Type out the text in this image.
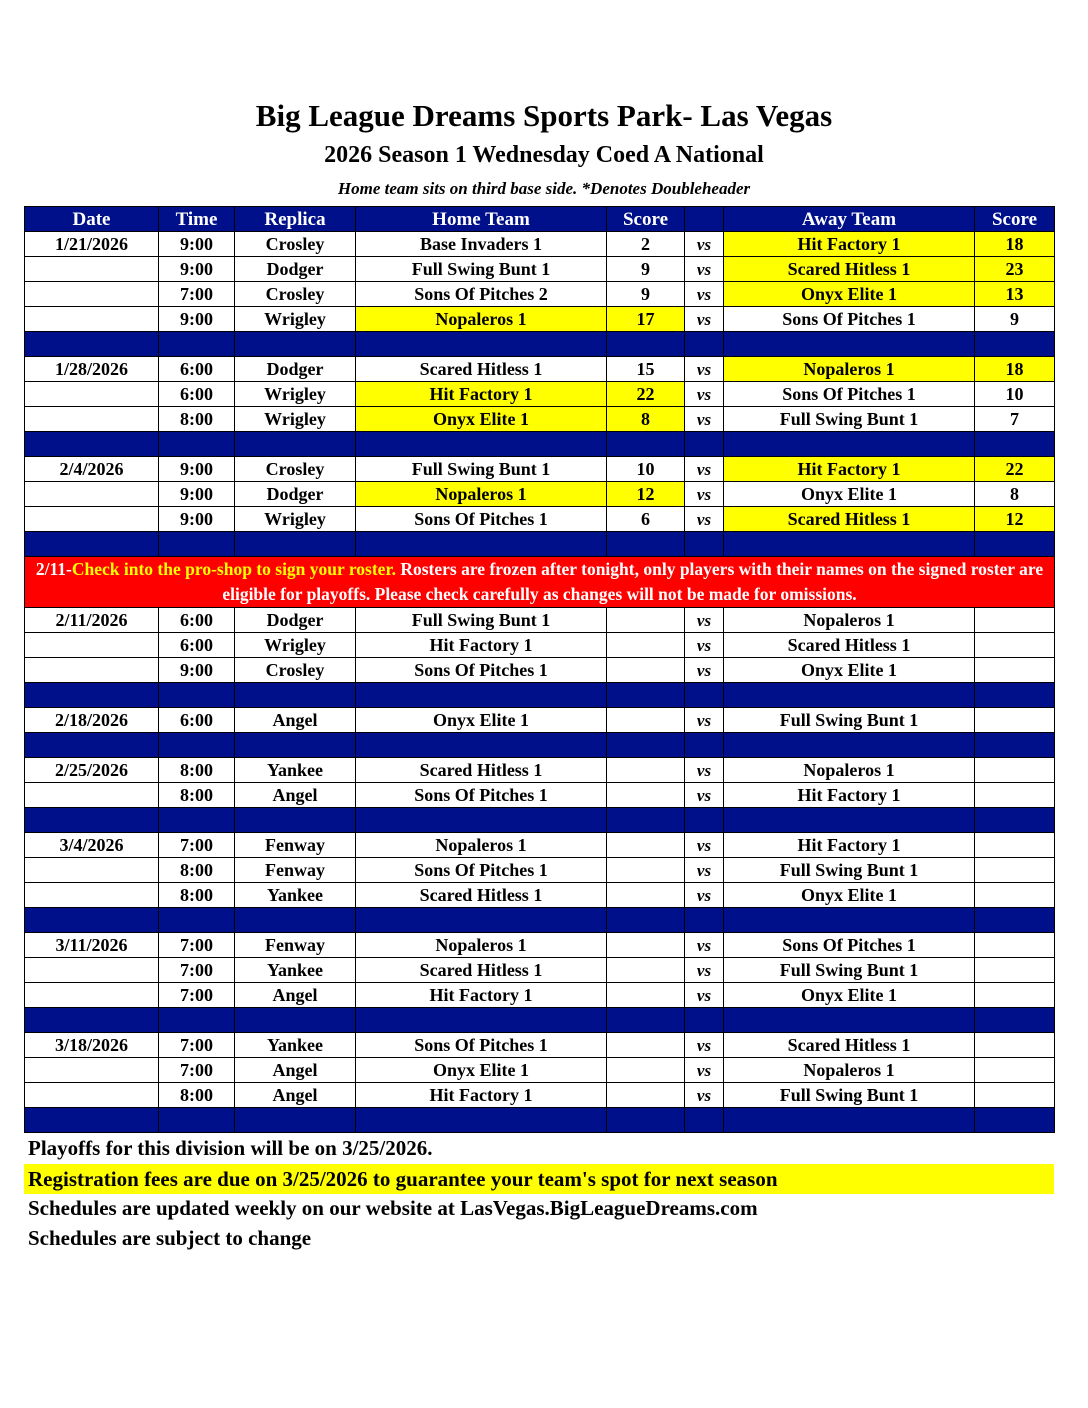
Big League Dreams Sports Park- Las Vegas
2026 Season 1 Wednesday Coed A National
Home team sits on third base side. *Denotes Doubleheader
Date	Time	Replica	Home Team	Score		Away Team	Score
1/21/2026	9:00	Crosley	Base Invaders 1	2	vs	Hit Factory 1	18
	9:00	Dodger	Full Swing Bunt 1	9	vs	Scared Hitless 1	23
	7:00	Crosley	Sons Of Pitches 2	9	vs	Onyx Elite 1	13
	9:00	Wrigley	Nopaleros 1	17	vs	Sons Of Pitches 1	9

1/28/2026	6:00	Dodger	Scared Hitless 1	15	vs	Nopaleros 1	18
	6:00	Wrigley	Hit Factory 1	22	vs	Sons Of Pitches 1	10
	8:00	Wrigley	Onyx Elite 1	8	vs	Full Swing Bunt 1	7

2/4/2026	9:00	Crosley	Full Swing Bunt 1	10	vs	Hit Factory 1	22
	9:00	Dodger	Nopaleros 1	12	vs	Onyx Elite 1	8
	9:00	Wrigley	Sons Of Pitches 1	6	vs	Scared Hitless 1	12

2/11-Check into the pro-shop to sign your roster. Rosters are frozen after tonight, only players with their names on the signed roster are eligible for playoffs. Please check carefully as changes will not be made for omissions.							
2/11/2026	6:00	Dodger	Full Swing Bunt 1		vs	Nopaleros 1	
	6:00	Wrigley	Hit Factory 1		vs	Scared Hitless 1	
	9:00	Crosley	Sons Of Pitches 1		vs	Onyx Elite 1	

2/18/2026	6:00	Angel	Onyx Elite 1		vs	Full Swing Bunt 1	

2/25/2026	8:00	Yankee	Scared Hitless 1		vs	Nopaleros 1	
	8:00	Angel	Sons Of Pitches 1		vs	Hit Factory 1	

3/4/2026	7:00	Fenway	Nopaleros 1		vs	Hit Factory 1	
	8:00	Fenway	Sons Of Pitches 1		vs	Full Swing Bunt 1	
	8:00	Yankee	Scared Hitless 1		vs	Onyx Elite 1	

3/11/2026	7:00	Fenway	Nopaleros 1		vs	Sons Of Pitches 1	
	7:00	Yankee	Scared Hitless 1		vs	Full Swing Bunt 1	
	7:00	Angel	Hit Factory 1		vs	Onyx Elite 1	

3/18/2026	7:00	Yankee	Sons Of Pitches 1		vs	Scared Hitless 1	
	7:00	Angel	Onyx Elite 1		vs	Nopaleros 1	
	8:00	Angel	Hit Factory 1		vs	Full Swing Bunt 1	

Playoffs for this division will be on 3/25/2026.
Registration fees are due on 3/25/2026 to guarantee your team's spot for next season
Schedules are updated weekly on our website at LasVegas.BigLeagueDreams.com
Schedules are subject to change
